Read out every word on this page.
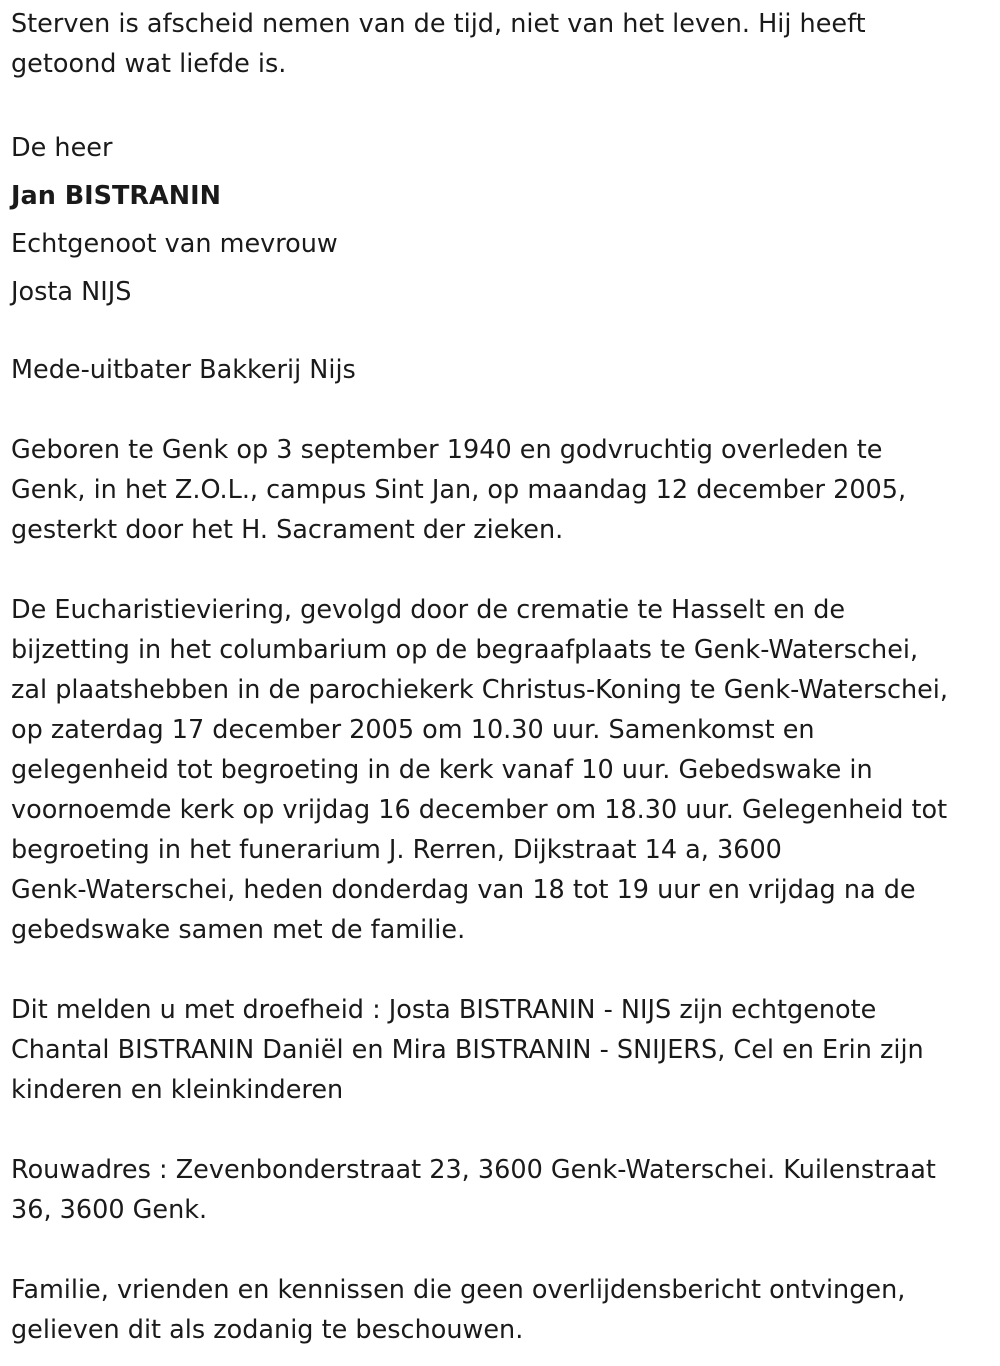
Sterven is afscheid nemen van de tijd, niet van het leven. Hij heeft

getoond wat liefde is.

De heer

Jan BISTRANIN

Echtgenoot van mevrouw

Josta NIJS

Mede-uitbater Bakkerij Nijs

Geboren te Genk op 3 september 1940 en godvruchtig overleden te

Genk, in het Z.O.L., campus Sint Jan, op maandag 12 december 2005,

gesterkt door het H. Sacrament der zieken.

De Eucharistieviering, gevolgd door de crematie te Hasselt en de

bijzetting in het columbarium op de begraafplaats te Genk-Waterschei,

zal plaatshebben in de parochiekerk Christus-Koning te Genk-Waterschei,

op zaterdag 17 december 2005 om 10.30 uur. Samenkomst en

gelegenheid tot begroeting in de kerk vanaf 10 uur. Gebedswake in

voornoemde kerk op vrijdag 16 december om 18.30 uur. Gelegenheid tot

begroeting in het funerarium J. Rerren, Dijkstraat 14 a, 3600

Genk-Waterschei, heden donderdag van 18 tot 19 uur en vrijdag na de

gebedswake samen met de familie.

Dit melden u met droefheid : Josta BISTRANIN - NIJS zijn echtgenote

Chantal BISTRANIN Daniël en Mira BISTRANIN - SNIJERS, Cel en Erin zijn

kinderen en kleinkinderen

Rouwadres : Zevenbonderstraat 23, 3600 Genk-Waterschei. Kuilenstraat

36, 3600 Genk.

Familie, vrienden en kennissen die geen overlijdensbericht ontvingen,

gelieven dit als zodanig te beschouwen.
